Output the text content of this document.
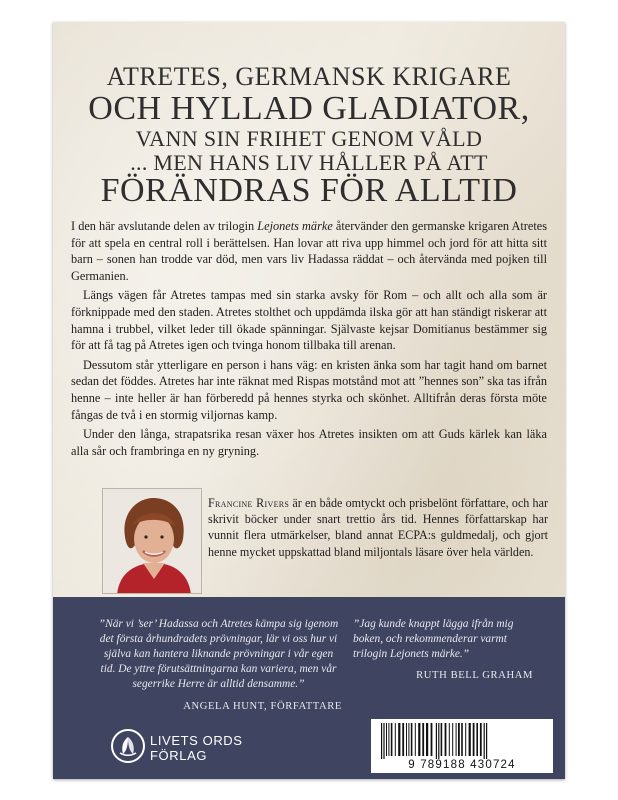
ATRETES, GERMANSK KRIGARE
OCH HYLLAD GLADIATOR,
VANN SIN FRIHET GENOM VÅLD
... MEN HANS LIV HÅLLER PÅ ATT
FÖRÄNDRAS FÖR ALLTID

I den här avslutande delen av trilogin Lejonets märke återvänder den germanske krigaren Atretes för att spela en central roll i berättelsen. Han lovar att riva upp himmel och jord för att hitta sitt barn – sonen han trodde var död, men vars liv Hadassa räddat – och återvända med pojken till Germanien.

Längs vägen får Atretes tampas med sin starka avsky för Rom – och allt och alla som är förknippade med den staden. Atretes stolthet och uppdämda ilska gör att han ständigt riskerar att hamna i trubbel, vilket leder till ökade spänningar. Självaste kejsar Domitianus bestämmer sig för att få tag på Atretes igen och tvinga honom tillbaka till arenan.

Dessutom står ytterligare en person i hans väg: en kristen änka som har tagit hand om barnet sedan det föddes. Atretes har inte räknat med Rispas motstånd mot att ”hennes son” ska tas ifrån henne – inte heller är han förberedd på hennes styrka och skönhet. Alltifrån deras första möte fångas de två i en stormig viljornas kamp.

Under den långa, strapatsrika resan växer hos Atretes insikten om att Guds kärlek kan läka alla sår och frambringa en ny gryning.

✎
Francine Rivers är en både omtyckt och prisbelönt författare, och har skrivit böcker under snart trettio års tid. Hennes författarskap har vunnit flera utmärkelser, bland annat ECPA:s guldmedalj, och gjort henne mycket uppskattad bland miljontals läsare över hela världen.
”När vi ’ser’ Hadassa och Atretes kämpa sig igenom det första århundradets prövningar, lär vi oss hur vi själva kan hantera liknande prövningar i vår egen tid. De yttre förutsättningarna kan variera, men vår segerrike Herre är alltid densamme.”
ANGELA HUNT, FÖRFATTARE
”Jag kunde knappt lägga ifrån mig boken, och rekommenderar varmt trilogin Lejonets märke.”
RUTH BELL GRAHAM
LIVETS ORDS
FÖRLAG
9 789188 430724
